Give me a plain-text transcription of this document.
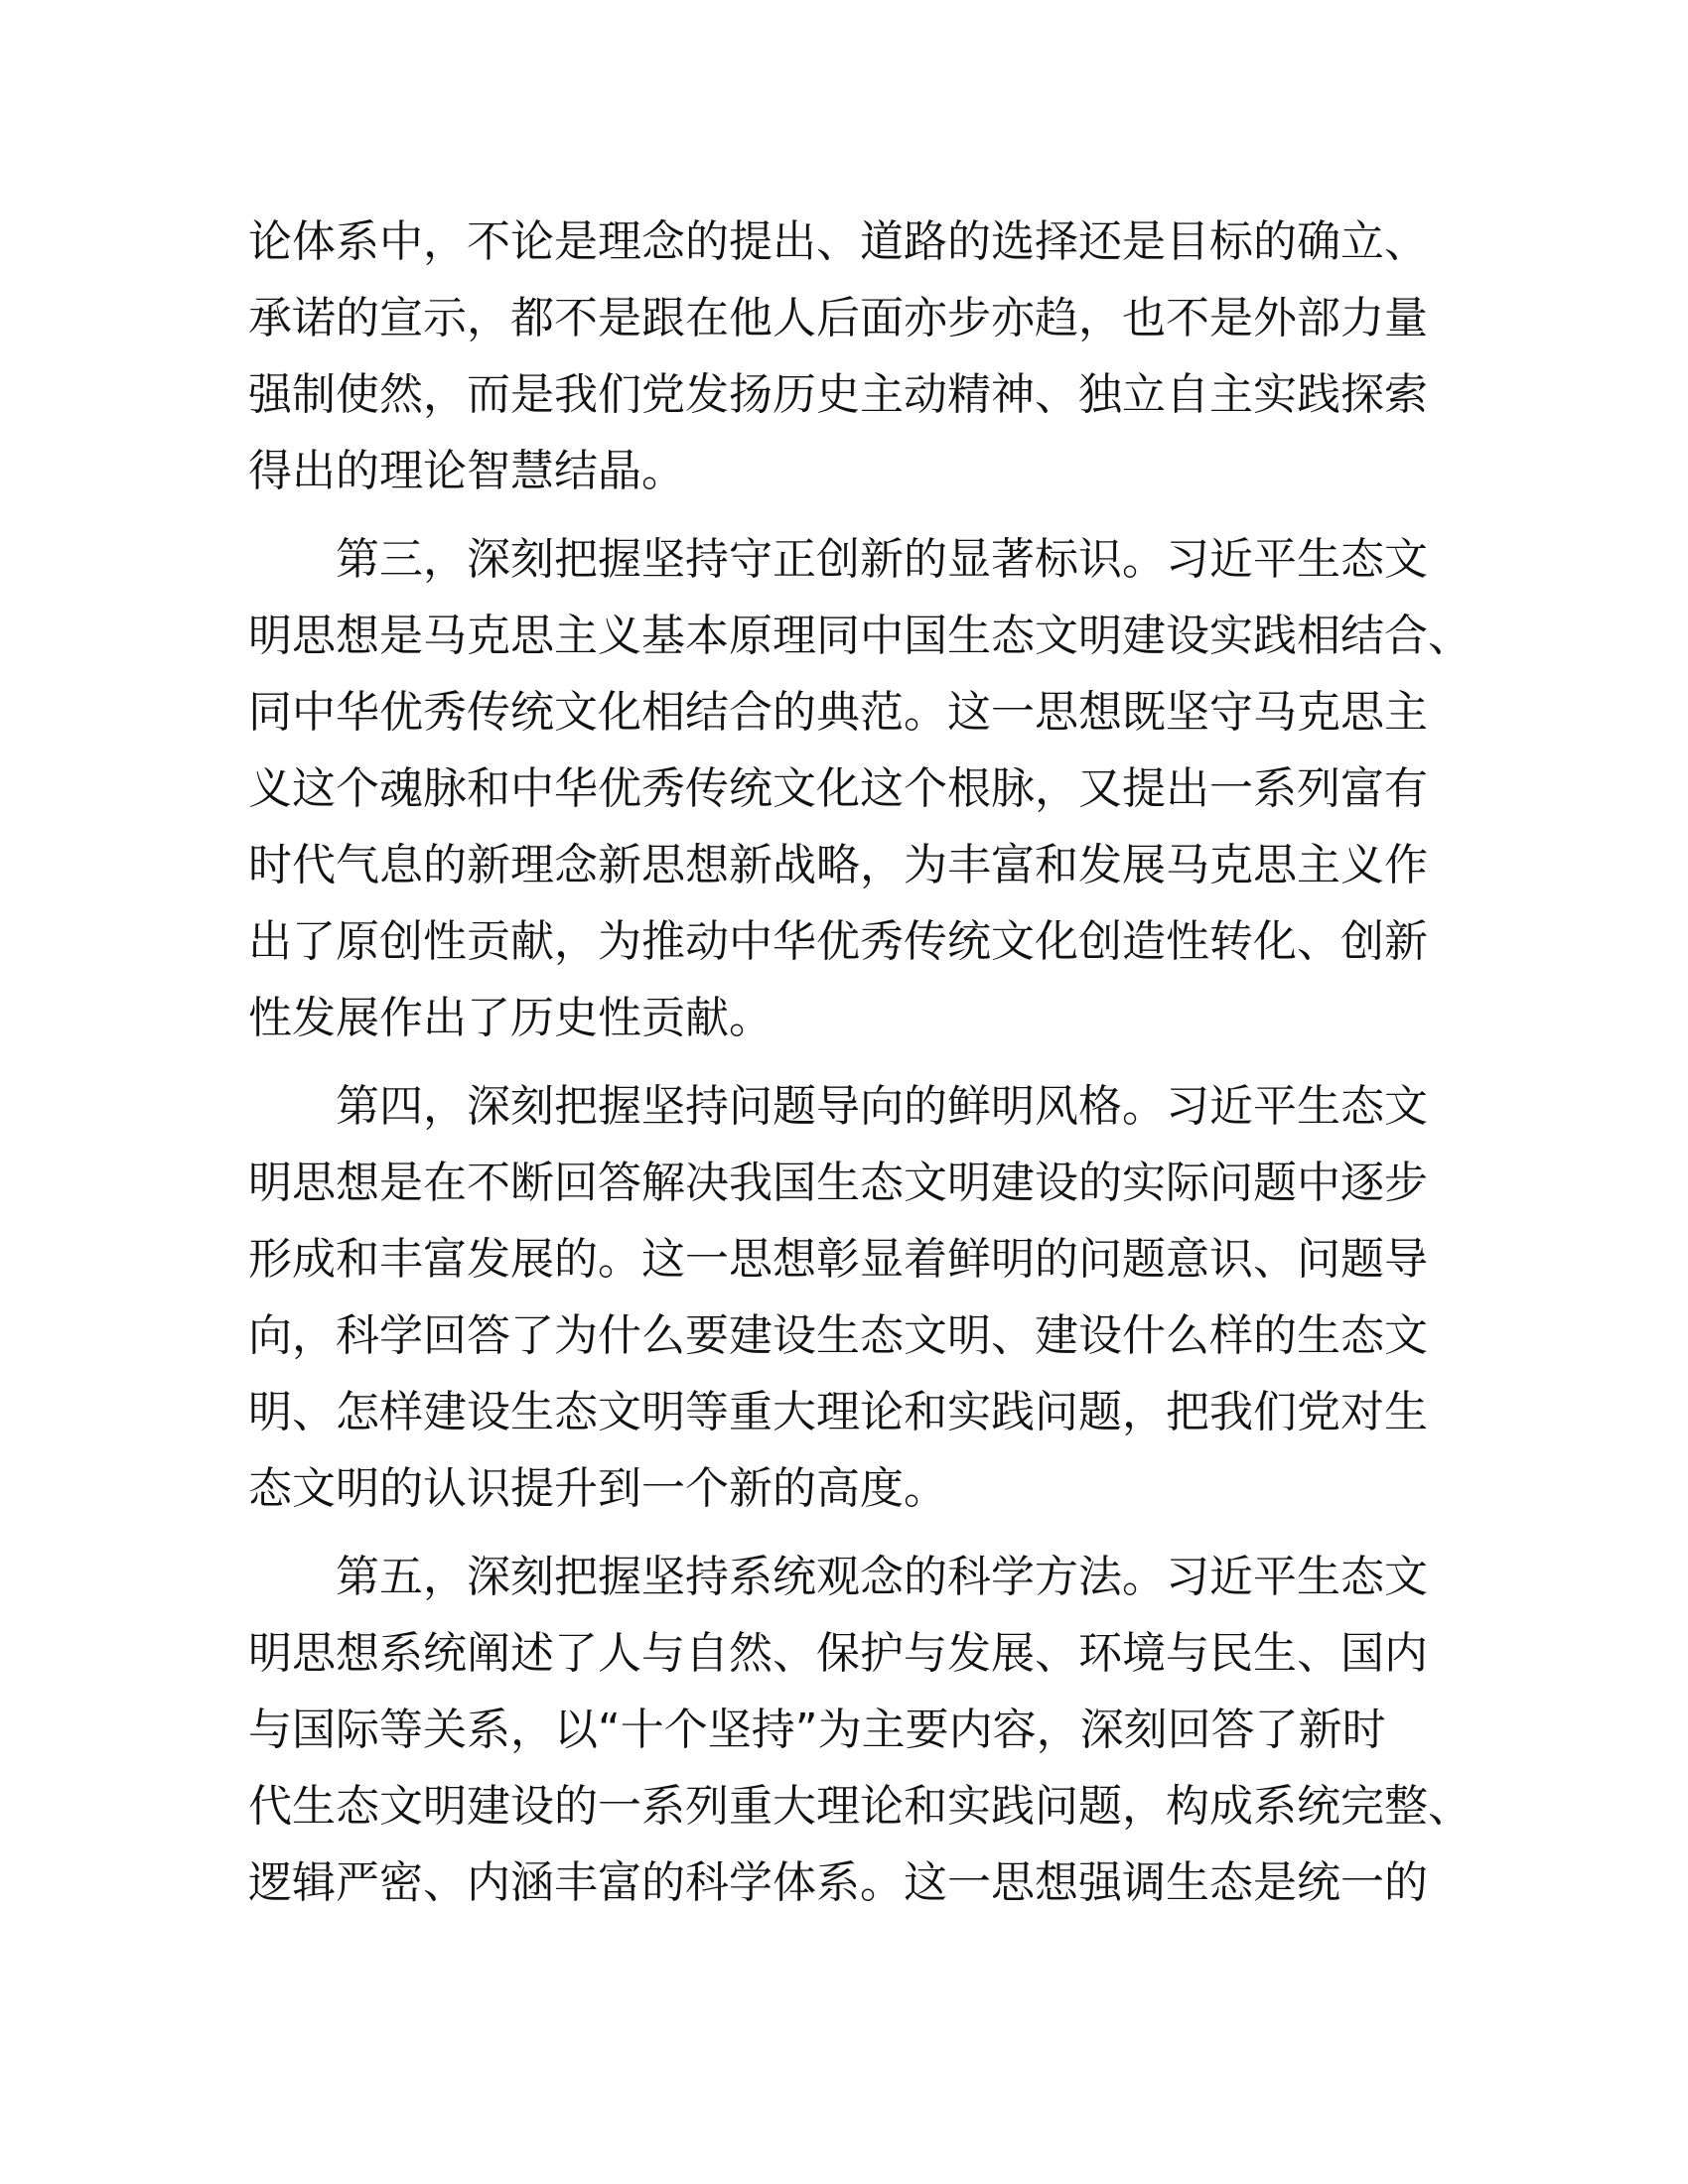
论体系中，不论是理念的提出、道路的选择还是目标的确立、
承诺的宣示，都不是跟在他人后面亦步亦趋，也不是外部力量
强制使然，而是我们党发扬历史主动精神、独立自主实践探索
得出的理论智慧结晶。

第三，深刻把握坚持守正创新的显著标识。习近平生态文
明思想是马克思主义基本原理同中国生态文明建设实践相结合、
同中华优秀传统文化相结合的典范。这一思想既坚守马克思主
义这个魂脉和中华优秀传统文化这个根脉，又提出一系列富有
时代气息的新理念新思想新战略，为丰富和发展马克思主义作
出了原创性贡献，为推动中华优秀传统文化创造性转化、创新
性发展作出了历史性贡献。

第四，深刻把握坚持问题导向的鲜明风格。习近平生态文
明思想是在不断回答解决我国生态文明建设的实际问题中逐步
形成和丰富发展的。这一思想彰显着鲜明的问题意识、问题导
向，科学回答了为什么要建设生态文明、建设什么样的生态文
明、怎样建设生态文明等重大理论和实践问题，把我们党对生
态文明的认识提升到一个新的高度。

第五，深刻把握坚持系统观念的科学方法。习近平生态文
明思想系统阐述了人与自然、保护与发展、环境与民生、国内
与国际等关系，以“十个坚持”为主要内容，深刻回答了新时
代生态文明建设的一系列重大理论和实践问题，构成系统完整、
逻辑严密、内涵丰富的科学体系。这一思想强调生态是统一的
